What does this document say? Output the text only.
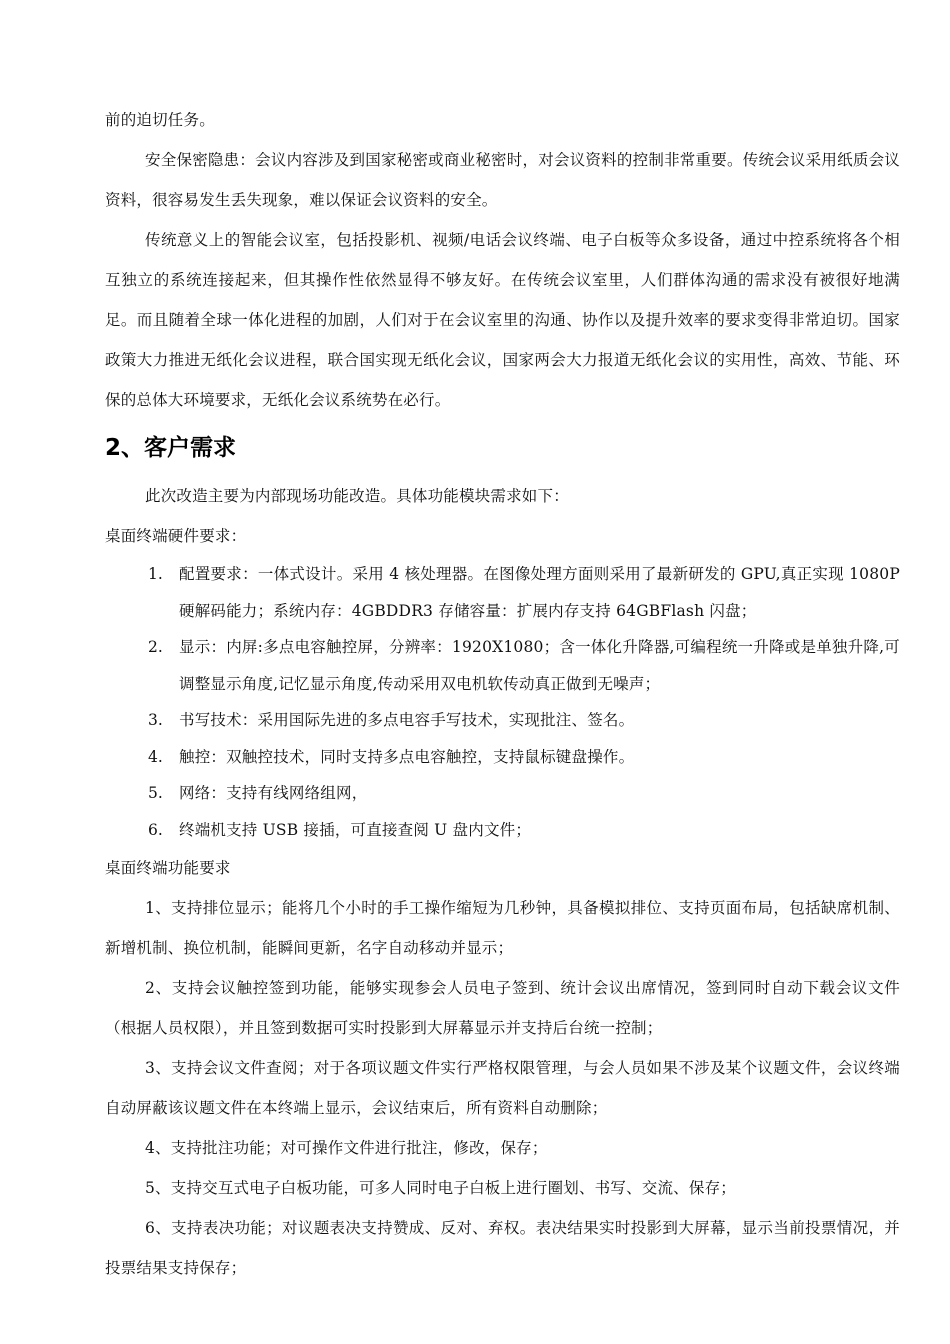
前的迫切任务。

安全保密隐患：会议内容涉及到国家秘密或商业秘密时，对会议资料的控制非常重要。传统会议采用纸质会议资料，很容易发生丢失现象，难以保证会议资料的安全。

传统意义上的智能会议室，包括投影机、视频/电话会议终端、电子白板等众多设备，通过中控系统将各个相互独立的系统连接起来，但其操作性依然显得不够友好。在传统会议室里，人们群体沟通的需求没有被很好地满足。而且随着全球一体化进程的加剧，人们对于在会议室里的沟通、协作以及提升效率的要求变得非常迫切。国家政策大力推进无纸化会议进程，联合国实现无纸化会议，国家两会大力报道无纸化会议的实用性，高效、节能、环保的总体大环境要求，无纸化会议系统势在必行。

2、客户需求

此次改造主要为内部现场功能改造。具体功能模块需求如下：

桌面终端硬件要求：

1.	配置要求：一体式设计。采用 4 核处理器。在图像处理方面则采用了最新研发的 GPU,真正实现 1080P 硬解码能力；系统内存：4GBDDR3 存储容量：扩展内存支持 64GBFlash 闪盘；
2.	显示：内屏:多点电容触控屏，分辨率：1920X1080；含一体化升降器,可编程统一升降或是单独升降,可调整显示角度,记忆显示角度,传动采用双电机软传动真正做到无噪声；
3.	书写技术：采用国际先进的多点电容手写技术，实现批注、签名。
4.	触控：双触控技术，同时支持多点电容触控，支持鼠标键盘操作。
5.	网络：支持有线网络组网，
6.	终端机支持 USB 接插，可直接查阅 U 盘内文件；

桌面终端功能要求

1、支持排位显示；能将几个小时的手工操作缩短为几秒钟，具备模拟排位、支持页面布局，包括缺席机制、新增机制、换位机制，能瞬间更新，名字自动移动并显示；

2、支持会议触控签到功能，能够实现参会人员电子签到、统计会议出席情况，签到同时自动下载会议文件（根据人员权限），并且签到数据可实时投影到大屏幕显示并支持后台统一控制；

3、支持会议文件查阅；对于各项议题文件实行严格权限管理，与会人员如果不涉及某个议题文件，会议终端自动屏蔽该议题文件在本终端上显示，会议结束后，所有资料自动删除；

4、支持批注功能；对可操作文件进行批注，修改，保存；

5、支持交互式电子白板功能，可多人同时电子白板上进行圈划、书写、交流、保存；

6、支持表决功能；对议题表决支持赞成、反对、弃权。表决结果实时投影到大屏幕，显示当前投票情况，并投票结果支持保存；
